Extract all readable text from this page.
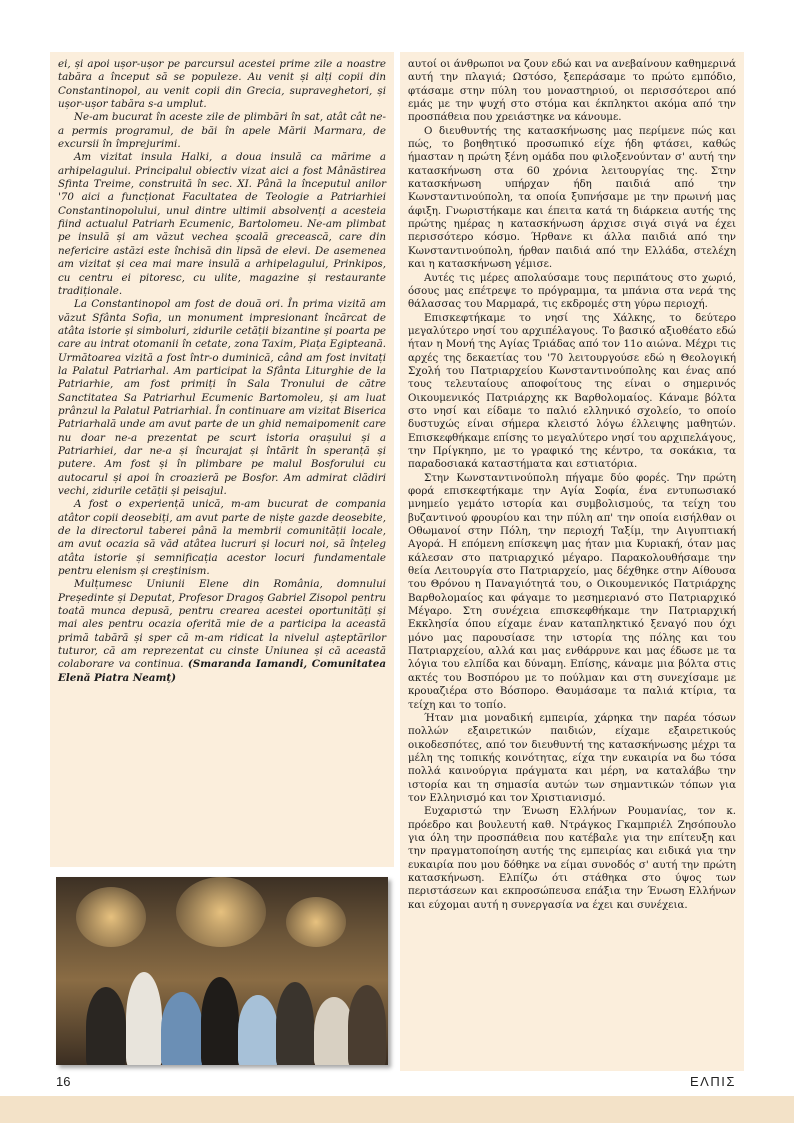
ei, și apoi ușor-ușor pe parcursul acestei prime zile a noastre tabăra a început să se populeze. Au venit și alți copii din Constantinopol, au venit copii din Grecia, supraveghetori, și ușor-ușor tabăra s-a umplut.

Ne-am bucurat în aceste zile de plimbări în sat, atât cât ne-a permis programul, de băi în apele Mării Marmara, de excursii în împrejurimi.

Am vizitat insula Halki, a doua insulă ca mărime a arhipelagului. Principalul obiectiv vizat aici a fost Mânăstirea Sfinta Treime, construită în sec. XI. Până la începutul anilor '70 aici a funcționat Facultatea de Teologie a Patriarhiei Constantinopolului, unul dintre ultimii absolvenți a acesteia fiind actualul Patriarh Ecumenic, Bartolomeu. Ne-am plimbat pe insulă și am văzut vechea școală grecească, care din nefericire astăzi este închisă din lipsă de elevi. De asemenea am vizitat și cea mai mare insulă a arhipelagului, Prinkipos, cu centru ei pitoresc, cu ulite, magazine și restaurante tradiționale.

La Constantinopol am fost de două ori. În prima vizită am văzut Sfânta Sofia, un monument impresionant încărcat de atâta istorie și simboluri, zidurile cetății bizantine și poarta pe care au intrat otomanii în cetate, zona Taxim, Piața Egipteană. Următoarea vizită a fost într-o duminică, când am fost invitați la Palatul Patriarhal. Am participat la Sfânta Liturghie de la Patriarhie, am fost primiți în Sala Tronului de către Sanctitatea Sa Patriarhul Ecumenic Bartomoleu, și am luat prânzul la Palatul Patriarhial. În continuare am vizitat Biserica Patriarhală unde am avut parte de un ghid nemaipomenit care nu doar ne-a prezentat pe scurt istoria orașului și a Patriarhiei, dar ne-a și încurajat și întărit în speranță și putere. Am fost și în plimbare pe malul Bosforului cu autocarul și apoi în croazieră pe Bosfor. Am admirat clădiri vechi, zidurile cetății și peisajul.

A fost o experiență unică, m-am bucurat de compania atâtor copii deosebiți, am avut parte de niște gazde deosebite, de la directorul taberei până la membrii comunității locale, am avut ocazia să văd atâtea lucruri și locuri noi, să înțeleg atâta istorie și semnificația acestor locuri fundamentale pentru elenism și creștinism.

Mulțumesc Uniunii Elene din România, domnului Președinte și Deputat, Profesor Dragoș Gabriel Zisopol pentru toată munca depusă, pentru crearea acestei oportunități și mai ales pentru ocazia oferită mie de a participa la această primă tabără și sper că m-am ridicat la nivelul așteptărilor tuturor, că am reprezentat cu cinste Uniunea și că această colaborare va continua. (Smaranda Iamandi, Comunitatea Elenă Piatra Neamț)

αυτοί οι άνθρωποι να ζουν εδώ και να ανεβαίνουν καθημερινά αυτή την πλαγιά; Ωστόσο, ξεπεράσαμε το πρώτο εμπόδιο, φτάσαμε στην πύλη του μοναστηριού, οι περισσότεροι από εμάς με την ψυχή στο στόμα και έκπληκτοι ακόμα από την προσπάθεια που χρειάστηκε να κάνουμε.

Ο διευθυντής της κατασκήνωσης μας περίμενε πώς και πώς, το βοηθητικό προσωπικό είχε ήδη φτάσει, καθώς ήμασταν η πρώτη ξένη ομάδα που φιλοξενούνταν σ' αυτή την κατασκήνωση στα 60 χρόνια λειτουργίας της. Στην κατασκήνωση υπήρχαν ήδη παιδιά από την Κωνσταντινούπολη, τα οποία ξυπνήσαμε με την πρωινή μας άφιξη. Γνωριστήκαμε και έπειτα κατά τη διάρκεια αυτής της πρώτης ημέρας η κατασκήνωση άρχισε σιγά σιγά να έχει περισσότερο κόσμο. Ήρθανε κι άλλα παιδιά από την Κωνσταντινούπολη, ήρθαν παιδιά από την Ελλάδα, στελέχη και η κατασκήνωση γέμισε.

Αυτές τις μέρες απολαύσαμε τους περιπάτους στο χωριό, όσους μας επέτρεψε το πρόγραμμα, τα μπάνια στα νερά της θάλασσας του Μαρμαρά, τις εκδρομές στη γύρω περιοχή.

Επισκεφτήκαμε το νησί της Χάλκης, το δεύτερο μεγαλύτερο νησί του αρχιπέλαγους. Το βασικό αξιοθέατο εδώ ήταν η Μονή της Αγίας Τριάδας από τον 11ο αιώνα. Μέχρι τις αρχές της δεκαετίας του '70 λειτουργούσε εδώ η Θεολογική Σχολή του Πατριαρχείου Κωνσταντινούπολης και ένας από τους τελευταίους αποφοίτους της είναι ο σημερινός Οικουμενικός Πατριάρχης κκ Βαρθολομαίος. Κάναμε βόλτα στο νησί και είδαμε το παλιό ελληνικό σχολείο, το οποίο δυστυχώς είναι σήμερα κλειστό λόγω έλλειψης μαθητών. Επισκεφθήκαμε επίσης το μεγαλύτερο νησί του αρχιπελάγους, την Πρίγκηπο, με το γραφικό της κέντρο, τα σοκάκια, τα παραδοσιακά καταστήματα και εστιατόρια.

Στην Κωνσταντινούπολη πήγαμε δύο φορές. Την πρώτη φορά επισκεφτήκαμε την Αγία Σοφία, ένα εντυπωσιακό μνημείο γεμάτο ιστορία και συμβολισμούς, τα τείχη του βυζαντινού φρουρίου και την πύλη απ' την οποία εισήλθαν οι Οθωμανοί στην Πόλη, την περιοχή Ταξίμ, την Αιγυπτιακή Αγορά. Η επόμενη επίσκεψη μας ήταν μια Κυριακή, όταν μας κάλεσαν στο πατριαρχικό μέγαρο. Παρακολουθήσαμε την θεία Λειτουργία στο Πατριαρχείο, μας δέχθηκε στην Αίθουσα του Θρόνου η Παναγιότητά του, ο Οικουμενικός Πατριάρχης Βαρθολομαίος και φάγαμε το μεσημεριανό στο Πατριαρχικό Μέγαρο. Στη συνέχεια επισκεφθήκαμε την Πατριαρχική Εκκλησία όπου είχαμε έναν καταπληκτικό ξεναγό που όχι μόνο μας παρουσίασε την ιστορία της πόλης και του Πατριαρχείου, αλλά και μας ενθάρρυνε και μας έδωσε με τα λόγια του ελπίδα και δύναμη. Επίσης, κάναμε μια βόλτα στις ακτές του Βοσπόρου με το πούλμαν και στη συνεχίσαμε με κρουαζιέρα στο Βόσπορο. Θαυμάσαμε τα παλιά κτίρια, τα τείχη και το τοπίο.

Ήταν μια μοναδική εμπειρία, χάρηκα την παρέα τόσων πολλών εξαιρετικών παιδιών, είχαμε εξαιρετικούς οικοδεσπότες, από τον διευθυντή της κατασκήνωσης μέχρι τα μέλη της τοπικής κοινότητας, είχα την ευκαιρία να δω τόσα πολλά καινούργια πράγματα και μέρη, να καταλάβω την ιστορία και τη σημασία αυτών των σημαντικών τόπων για τον Ελληνισμό και τον Χριστιανισμό.

Ευχαριστώ την Ένωση Ελλήνων Ρουμανίας, τον κ. πρόεδρο και βουλευτή καθ. Ντράγκος Γκαμπριέλ Ζησόπουλο για όλη την προσπάθεια που κατέβαλε για την επίτευξη και την πραγματοποίηση αυτής της εμπειρίας και ειδικά για την ευκαιρία που μου δόθηκε να είμαι συνοδός σ' αυτή την πρώτη κατασκήνωση. Ελπίζω ότι στάθηκα στο ύψος των περιστάσεων και εκπροσώπευσα επάξια την Ένωση Ελλήνων και εύχομαι αυτή η συνεργασία να έχει και συνέχεια.

16	ΕΛΠΙΣ
